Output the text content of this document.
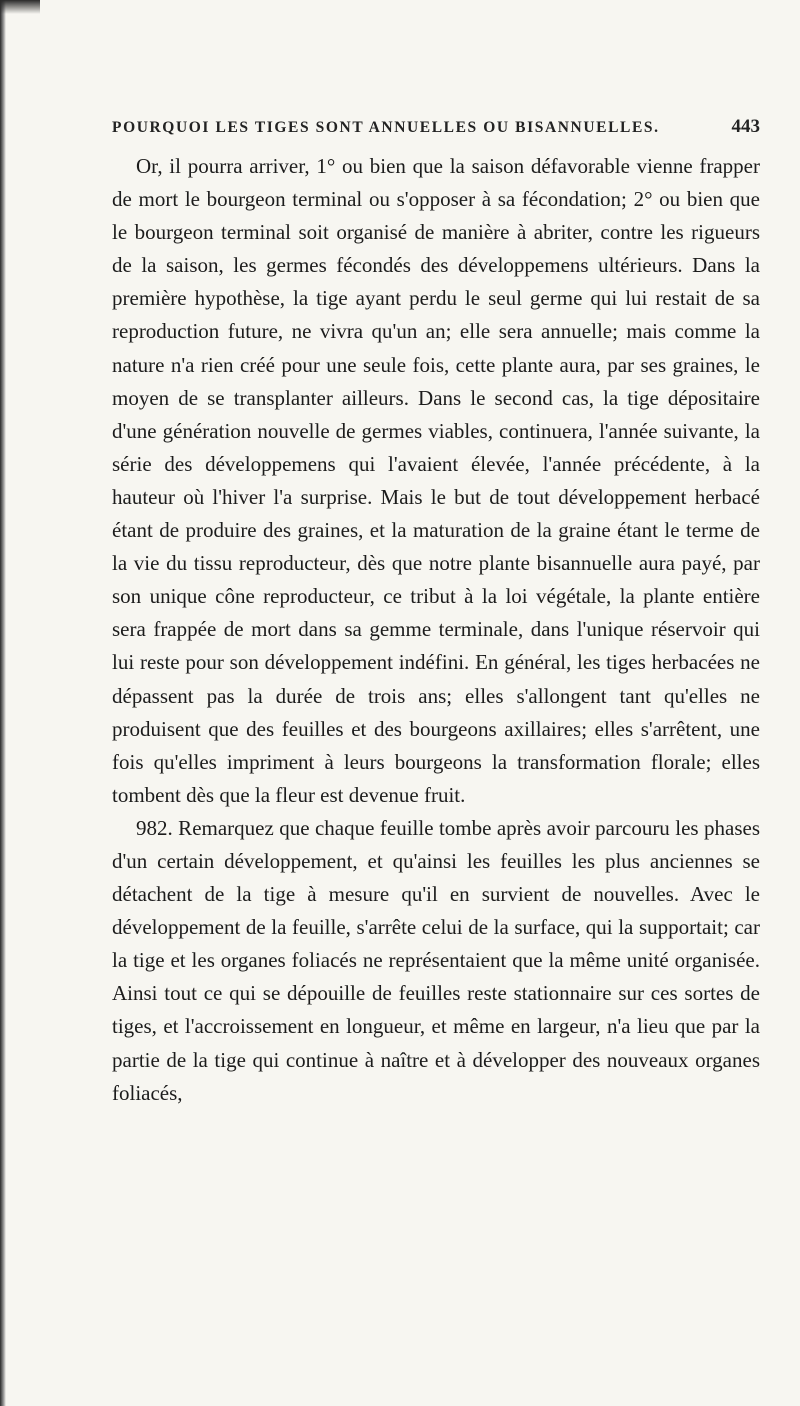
POURQUOI LES TIGES SONT ANNUELLES OU BISANNUELLES.	443

Or, il pourra arriver, 1° ou bien que la saison défavorable vienne frapper de mort le bourgeon terminal ou s'opposer à sa fécondation; 2° ou bien que le bourgeon terminal soit organisé de manière à abriter, contre les rigueurs de la saison, les germes fécondés des développemens ultérieurs. Dans la première hypothèse, la tige ayant perdu le seul germe qui lui restait de sa reproduction future, ne vivra qu'un an; elle sera annuelle; mais comme la nature n'a rien créé pour une seule fois, cette plante aura, par ses graines, le moyen de se transplanter ailleurs. Dans le second cas, la tige dépositaire d'une génération nouvelle de germes viables, continuera, l'année suivante, la série des développemens qui l'avaient élevée, l'année précédente, à la hauteur où l'hiver l'a surprise. Mais le but de tout développement herbacé étant de produire des graines, et la maturation de la graine étant le terme de la vie du tissu reproducteur, dès que notre plante bisannuelle aura payé, par son unique cône reproducteur, ce tribut à la loi végétale, la plante entière sera frappée de mort dans sa gemme terminale, dans l'unique réservoir qui lui reste pour son développement indéfini. En général, les tiges herbacées ne dépassent pas la durée de trois ans; elles s'allongent tant qu'elles ne produisent que des feuilles et des bourgeons axillaires; elles s'arrêtent, une fois qu'elles impriment à leurs bourgeons la transformation florale; elles tombent dès que la fleur est devenue fruit.

982. Remarquez que chaque feuille tombe après avoir parcouru les phases d'un certain développement, et qu'ainsi les feuilles les plus anciennes se détachent de la tige à mesure qu'il en survient de nouvelles. Avec le développement de la feuille, s'arrête celui de la surface, qui la supportait; car la tige et les organes foliacés ne représentaient que la même unité organisée. Ainsi tout ce qui se dépouille de feuilles reste stationnaire sur ces sortes de tiges, et l'accroissement en longueur, et même en largeur, n'a lieu que par la partie de la tige qui continue à naître et à développer des nouveaux organes foliacés,
